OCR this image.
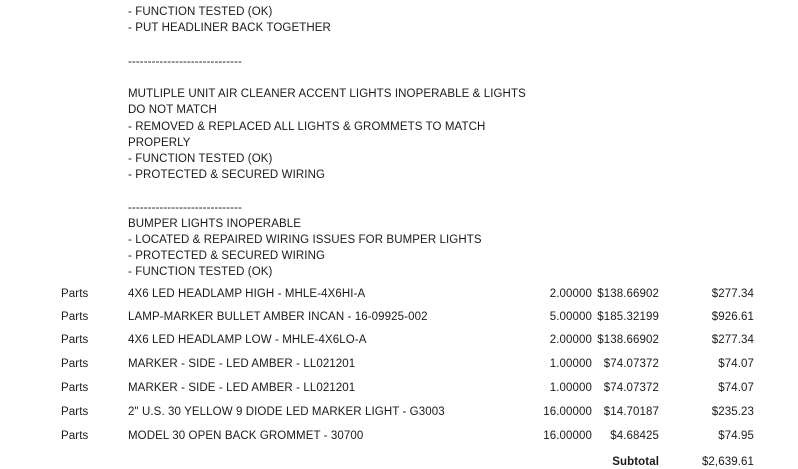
- FUNCTION TESTED (OK)
- PUT HEADLINER BACK TOGETHER
-----------------------------
MUTLIPLE UNIT AIR CLEANER ACCENT LIGHTS INOPERABLE & LIGHTS
DO NOT MATCH
- REMOVED & REPLACED ALL LIGHTS & GROMMETS TO MATCH
PROPERLY
- FUNCTION TESTED (OK)
- PROTECTED & SECURED WIRING
-----------------------------
BUMPER LIGHTS INOPERABLE
- LOCATED & REPAIRED WIRING ISSUES FOR BUMPER LIGHTS
- PROTECTED & SECURED WIRING
- FUNCTION TESTED (OK)
Parts	4X6 LED HEADLAMP HIGH - MHLE-4X6HI-A	2.00000 $138.66902	$277.34
Parts	LAMP-MARKER BULLET AMBER INCAN - 16-09925-002	5.00000 $185.32199	$926.61
Parts	4X6 LED HEADLAMP LOW - MHLE-4X6LO-A	2.00000 $138.66902	$277.34
Parts	MARKER - SIDE - LED AMBER - LL021201	1.00000 $74.07372	$74.07
Parts	MARKER - SIDE - LED AMBER - LL021201	1.00000 $74.07372	$74.07
Parts	2" U.S. 30 YELLOW 9 DIODE LED MARKER LIGHT - G3003	16.00000 $14.70187	$235.23
Parts	MODEL 30 OPEN BACK GROMMET - 30700	16.00000 $4.68425	$74.95
Subtotal	$2,639.61
